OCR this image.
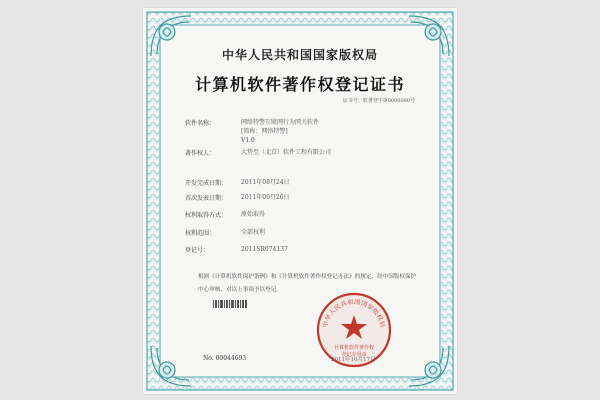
中华人民共和国国家版权局
计算机软件著作权登记证书
证书号：软著登字第0000000号
软件名称：	网络特警互联网行为网关软件
[简称：网络特警]
V1.0
著作权人：	大势至（北京）软件工程有限公司
开发完成日期：	2011年08月24日
首次发表日期：	2011年09月26日
权利取得方式：	原始取得
权利范围：	全部权利
登记号：	2011SR074137
根据《计算机软件保护条例》和《计算机软件著作权登记办法》的规定，经中国版权保护中心审核，对以上事项予以登记。
No. 00044693
中华人民共和国国家版权局
计算机软件著作权
登记专用章
2011年10月17日
